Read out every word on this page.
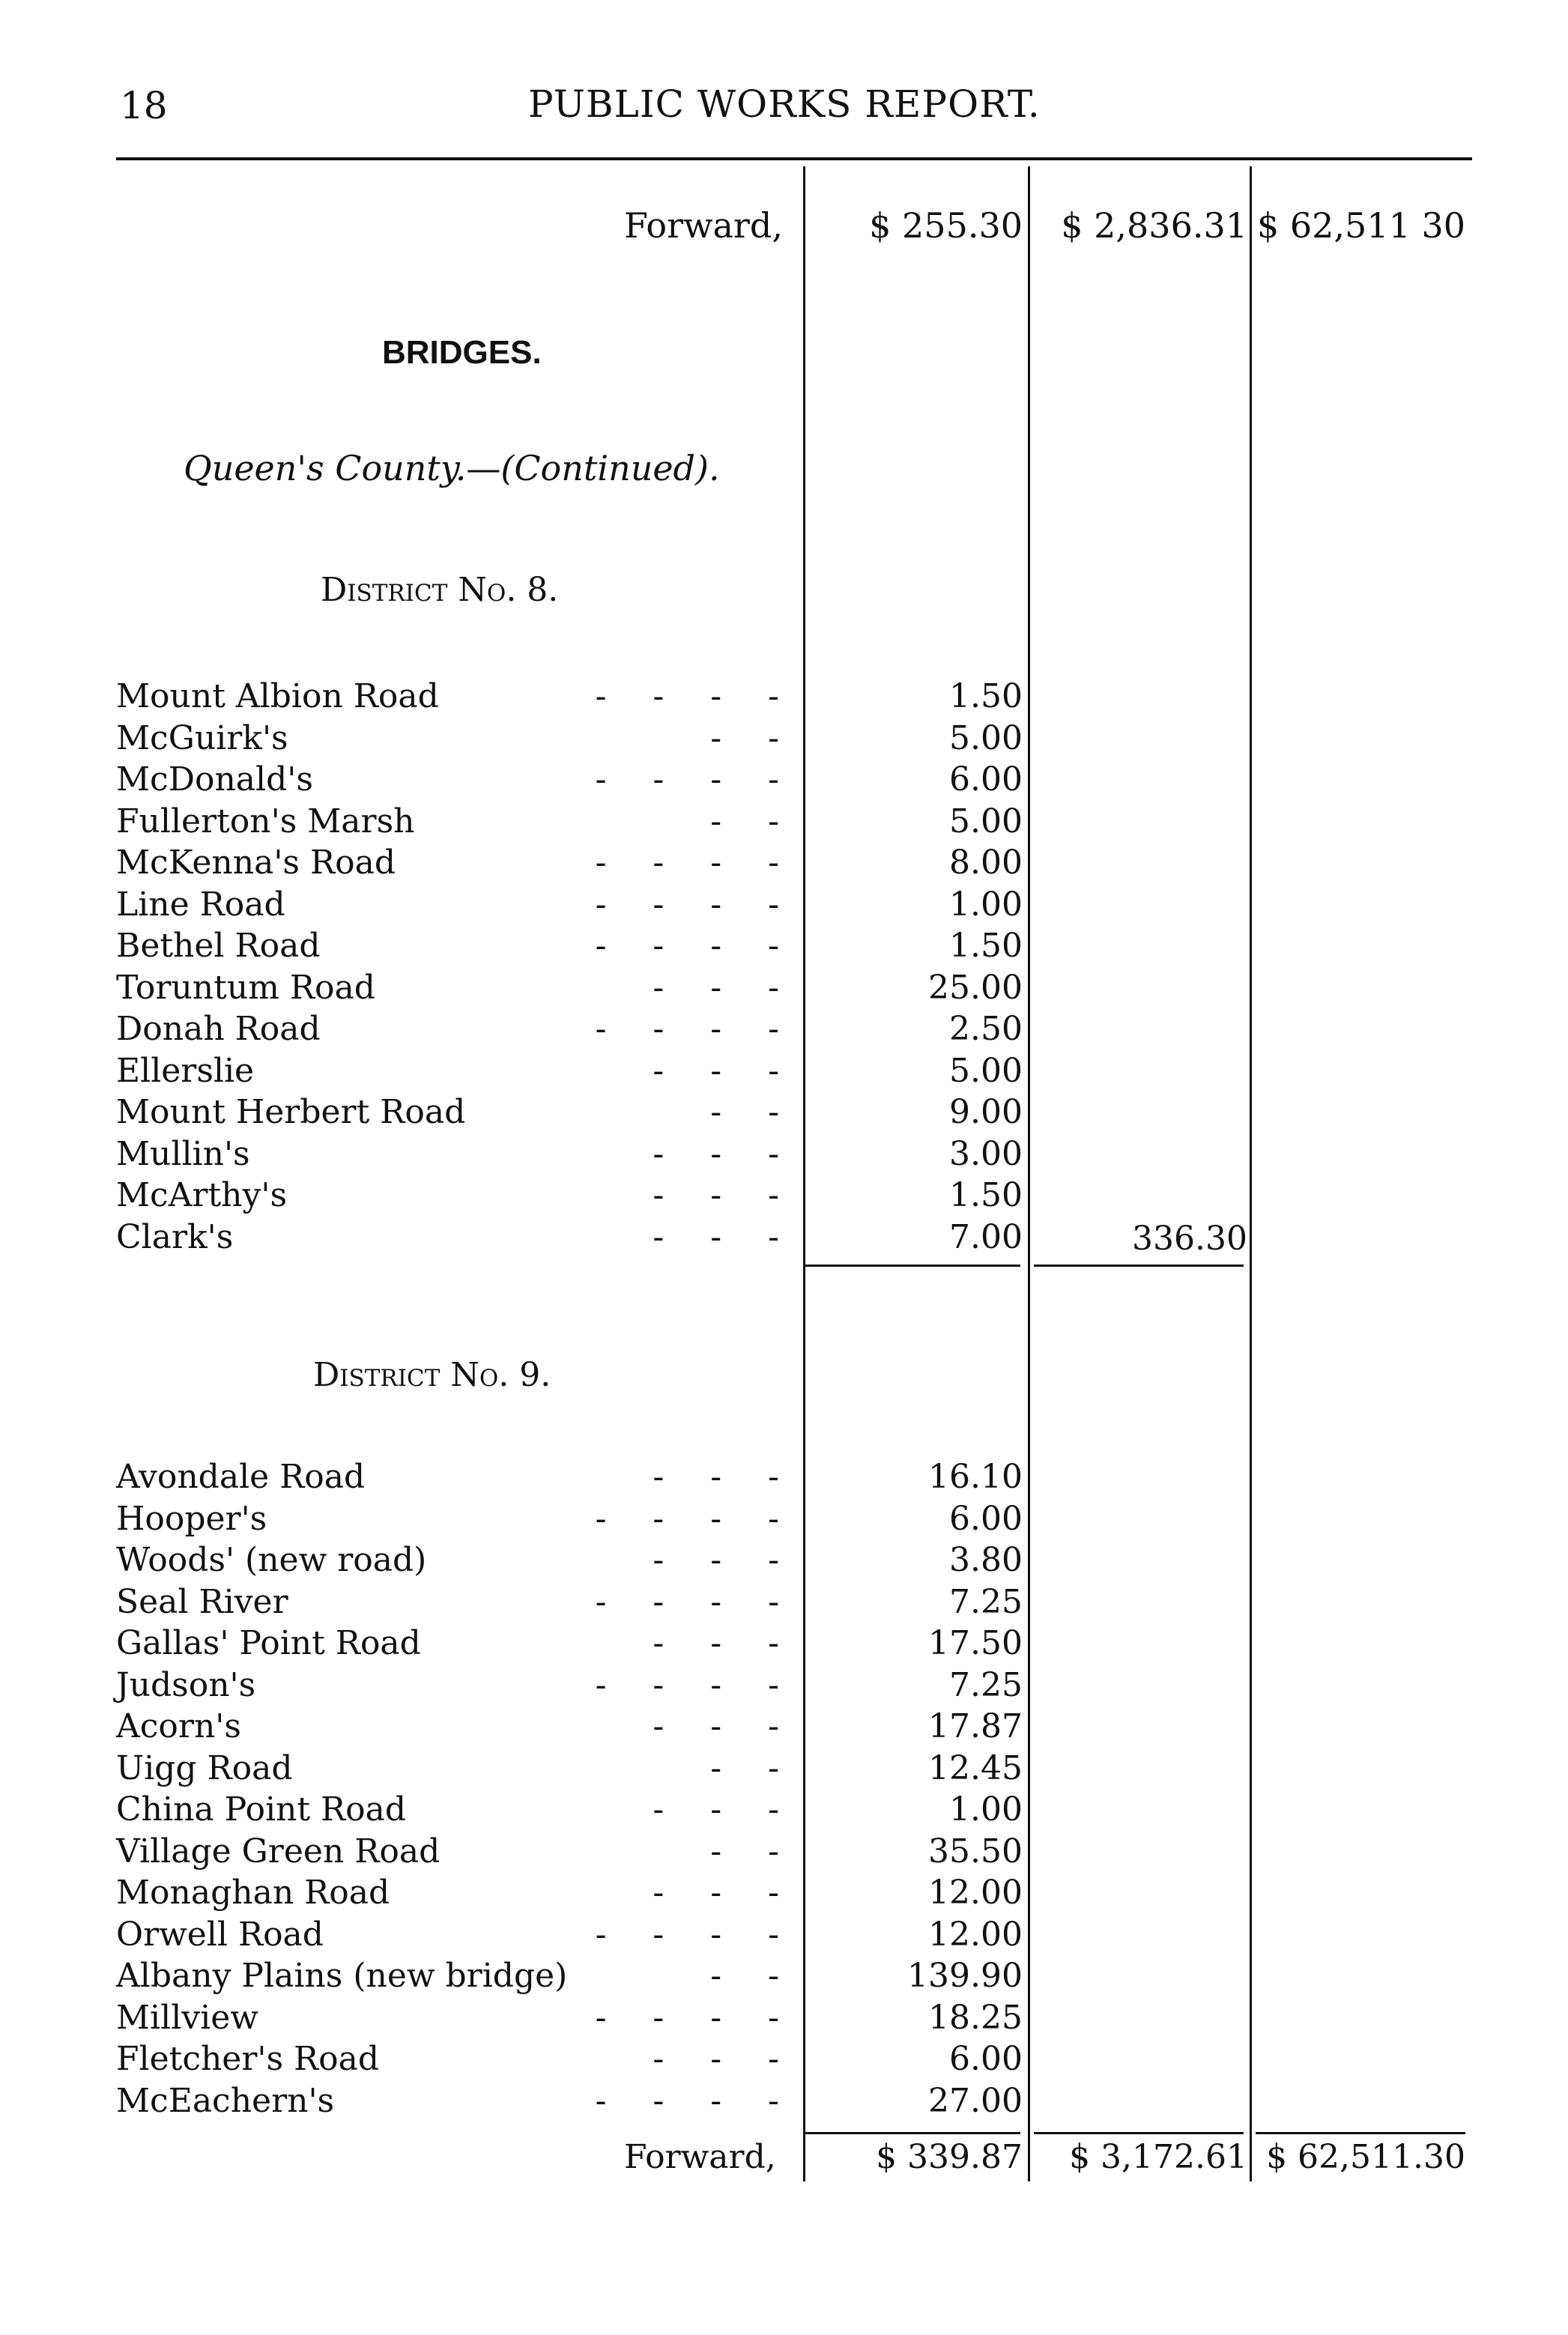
18	PUBLIC WORKS REPORT.
Forward,	$ 255.30	$ 2,836.31 $ 62,511 30
BRIDGES.
Queen's County.—(Continued).
District No. 8.
Mount Albion Road	- - - -	1.50
McGuirk's	- -	5.00
McDonald's	- - - -	6.00
Fullerton's Marsh	- -	5.00
McKenna's Road	- - - -	8.00
Line Road	- - - -	1.00
Bethel Road	- - - -	1.50
Toruntum Road	- - -	25.00
Donah Road	- - - -	2.50
Ellerslie	- - -	5.00
Mount Herbert Road	- -	9.00
Mullin's	- - -	3.00
McArthy's	- - -	1.50
Clark's	- - -	7.00	336.30
District No. 9.
Avondale Road	- - -	16.10
Hooper's	- - - -	6.00
Woods' (new road)	- - -	3.80
Seal River	- - - -	7.25
Gallas' Point Road	- - -	17.50
Judson's	- - - -	7.25
Acorn's	- - -	17.87
Uigg Road	- -	12.45
China Point Road	- - -	1.00
Village Green Road	- -	35.50
Monaghan Road	- - -	12.00
Orwell Road	- - - -	12.00
Albany Plains (new bridge)	- -	139.90
Millview	- - - -	18.25
Fletcher's Road	- - -	6.00
McEachern's	- - - -	27.00
Forward,	$ 339.87	$ 3,172.61 $ 62,511.30
